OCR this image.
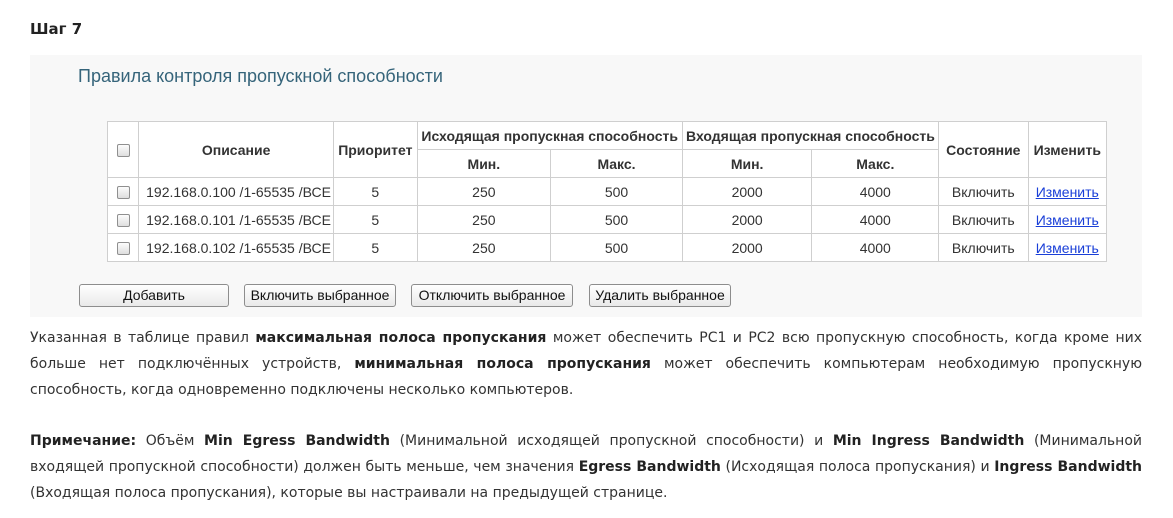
Шаг 7
Правила контроля пропускной способности
	Описание	Приоритет	Исходящая пропускная способность		Входящая пропускная способность		Состояние	Изменить
			Мин.	Макс.	Мин.	Макс.		
	192.168.0.100 /1-65535 /ВСЕ	5	250	500	2000	4000	Включить	Изменить
	192.168.0.101 /1-65535 /ВСЕ	5	250	500	2000	4000	Включить	Изменить
	192.168.0.102 /1-65535 /ВСЕ	5	250	500	2000	4000	Включить	Изменить
Добавить	Включить выбранное	Отключить выбранное	Удалить выбранное

Указанная в таблице правил максимальная полоса пропускания может обеспечить PC1 и PC2 всю пропускную способность, когда кроме них больше нет подключённых устройств, минимальная полоса пропускания может обеспечить компьютерам необходимую пропускную способность, когда одновременно подключены несколько компьютеров.

Примечание: Объём Min Egress Bandwidth (Минимальной исходящей пропускной способности) и Min Ingress Bandwidth (Минимальной входящей пропускной способности) должен быть меньше, чем значения Egress Bandwidth (Исходящая полоса пропускания) и Ingress Bandwidth  (Входящая полоса пропускания), которые вы настраивали на предыдущей странице.
